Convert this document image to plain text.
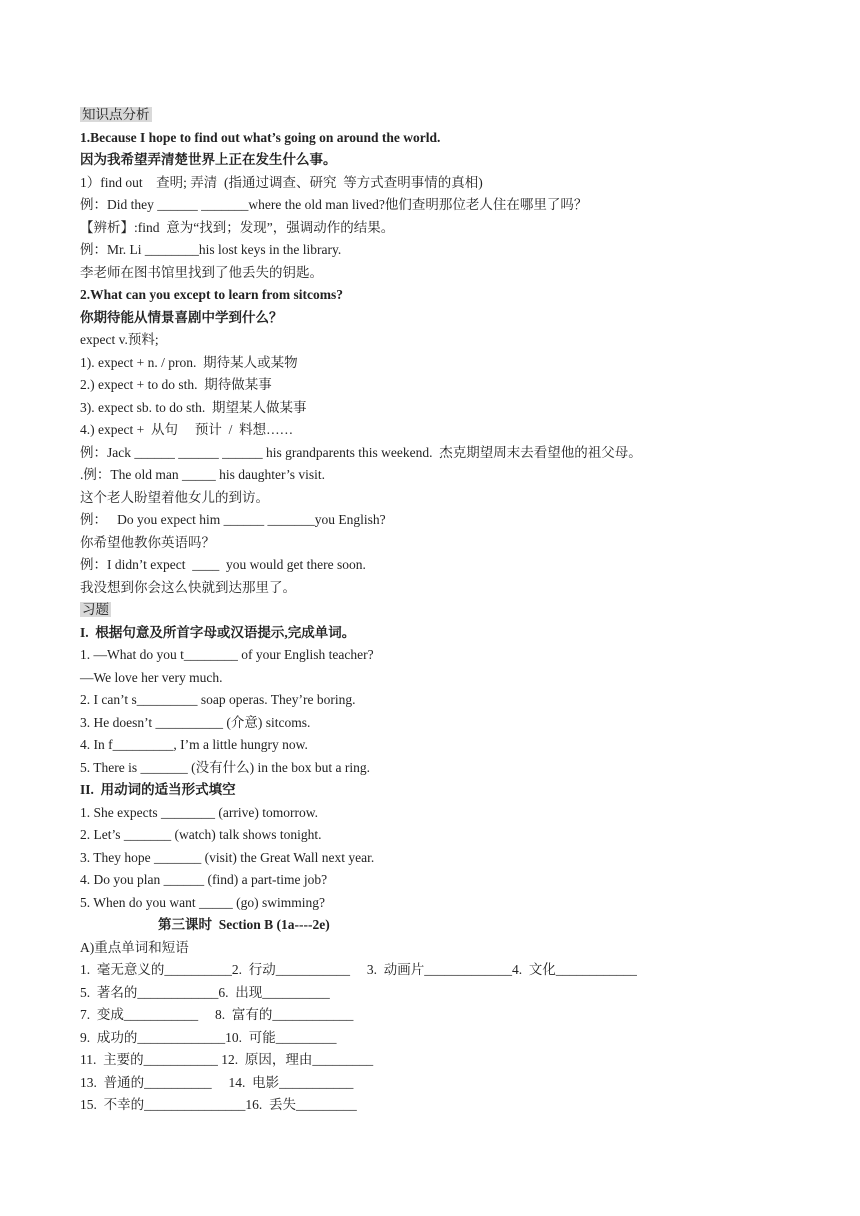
知识点分析
1.Because I hope to find out what’s going on around the world.
因为我希望弄清楚世界上正在发生什么事。
1）find out    查明; 弄清  (指通过调查、研究  等方式查明事情的真相)
例：Did they ______ _______where the old man lived?他们查明那位老人住在哪里了吗？
【辨析】:find  意为“找到；发现”，强调动作的结果。
例：Mr. Li ________his lost keys in the library.
李老师在图书馆里找到了他丢失的钥匙。
2.What can you except to learn from sitcoms?
你期待能从情景喜剧中学到什么？
expect v.预料;
1). expect + n. / pron.  期待某人或某物
2.) expect + to do sth.  期待做某事
3). expect sb. to do sth.  期望某人做某事
4.) expect +  从句     预计  /  料想……
例：Jack ______ ______ ______ his grandparents this weekend.  杰克期望周末去看望他的祖父母。
.例：The old man _____ his daughter’s visit.
这个老人盼望着他女儿的到访。
例：   Do you expect him ______ _______you English?
你希望他教你英语吗？
例：I didn’t expect  ____  you would get there soon.
我没想到你会这么快就到达那里了。
习题
I.  根据句意及所首字母或汉语提示,完成单词。
1. —What do you t________ of your English teacher?
—We love her very much.
2. I can’t s_________ soap operas. They’re boring.
3. He doesn’t __________ (介意) sitcoms.
4. In f_________, I’m a little hungry now.
5. There is _______ (没有什么) in the box but a ring.
II.  用动词的适当形式填空
1. She expects ________ (arrive) tomorrow.
2. Let’s _______ (watch) talk shows tonight.
3. They hope _______ (visit) the Great Wall next year.
4. Do you plan ______ (find) a part-time job?
5. When do you want _____ (go) swimming?
第三课时  Section B (1a----2e)
A)重点单词和短语
1.  毫无意义的__________2.  行动___________     3.  动画片_____________4.  文化____________
5.  著名的____________6.  出现__________
7.  变成___________     8.  富有的____________
9.  成功的_____________10.  可能_________
11.  主要的___________ 12.  原因，理由_________
13.  普通的__________     14.  电影___________
15.  不幸的_______________16.  丢失_________
